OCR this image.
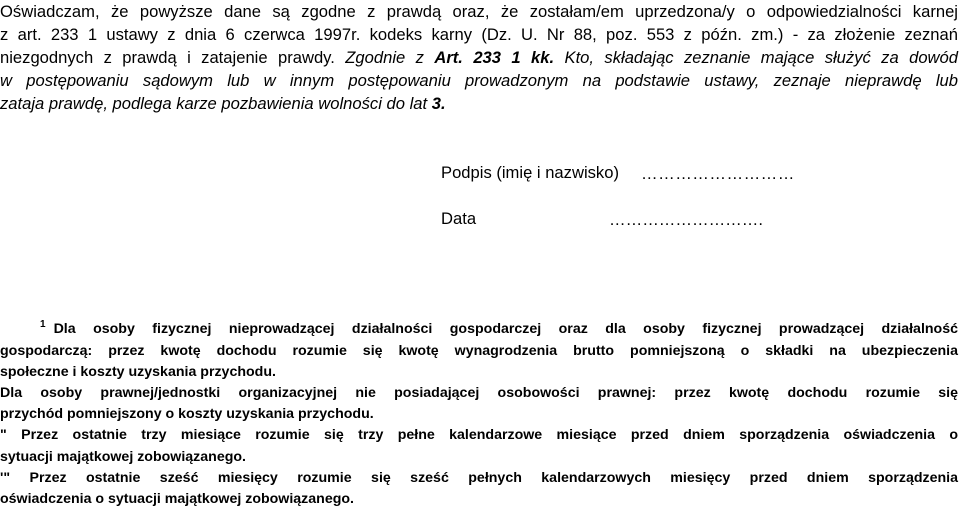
Oświadczam, że powyższe dane są zgodne z prawdą oraz, że zostałam/em uprzedzona/y o odpowiedzialności karnej
z art. 233 1 ustawy z dnia 6 czerwca 1997r. kodeks karny (Dz. U. Nr 88, poz. 553 z późn. zm.) - za złożenie zeznań
niezgodnych z prawdą i zatajenie prawdy. Zgodnie z Art. 233 1 kk. Kto, składając zeznanie mające służyć za dowód
w postępowaniu sądowym lub w innym postępowaniu prowadzonym na podstawie ustawy, zeznaje nieprawdę lub
zataja prawdę, podlega karze pozbawienia wolności do lat 3.
Podpis (imię i nazwisko) ………………………
Data	……………………….
$^1$ Dla osoby fizycznej nieprowadzącej działalności gospodarczej oraz dla osoby fizycznej prowadzącej działalność
gospodarczą: przez kwotę dochodu rozumie się kwotę wynagrodzenia brutto pomniejszoną o składki na ubezpieczenia
społeczne i koszty uzyskania przychodu.
Dla osoby prawnej/jednostki organizacyjnej nie posiadającej osobowości prawnej: przez kwotę dochodu rozumie się
przychód pomniejszony o koszty uzyskania przychodu.
" Przez ostatnie trzy miesiące rozumie się trzy pełne kalendarzowe miesiące przed dniem sporządzenia oświadczenia o
sytuacji majątkowej zobowiązanego.
'" Przez ostatnie sześć miesięcy rozumie się sześć pełnych kalendarzowych miesięcy przed dniem sporządzenia
oświadczenia o sytuacji majątkowej zobowiązanego.
